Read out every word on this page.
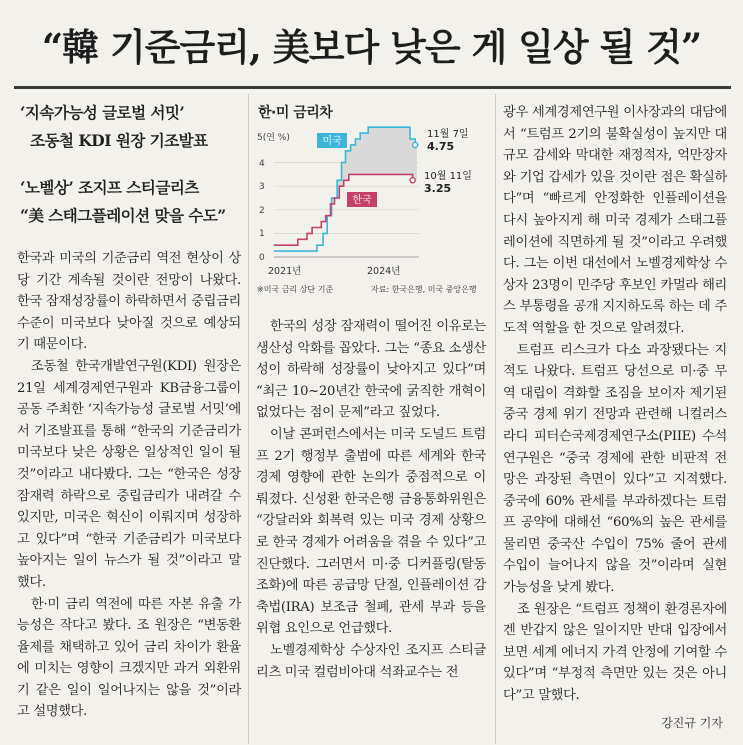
“韓 기준금리, 美보다 낮은 게 일상 될 것”
‘지속가능성 글로벌 서밋’
조동철 KDI 원장 기조발표
‘노벨상’ 조지프 스티글리츠
“美 스태그플레이션 맞을 수도”

한국과 미국의 기준금리 역전 현상이 상당 기간 계속될 것이란 전망이 나왔다. 한국 잠재성장률이 하락하면서 중립금리 수준이 미국보다 낮아질 것으로 예상되기 때문이다.

조동철 한국개발연구원(KDI) 원장은 21일 세계경제연구원과 KB금융그룹이 공동 주최한 ‘지속가능성 글로벌 서밋’에서 기조발표를 통해 “한국의 기준금리가 미국보다 낮은 상황은 일상적인 일이 될 것”이라고 내다봤다. 그는 “한국은 성장 잠재력 하락으로 중립금리가 내려갈 수 있지만, 미국은 혁신이 이뤄지며 성장하고 있다”며 “한국 기준금리가 미국보다 높아지는 일이 뉴스가 될 것”이라고 말했다.

한·미 금리 역전에 따른 자본 유출 가능성은 작다고 봤다. 조 원장은 “변동환율제를 채택하고 있어 금리 차이가 환율에 미치는 영향이 크겠지만 과거 외환위기 같은 일이 일어나지는 않을 것”이라고 설명했다.

한·미 금리차
5(연 %)
4
3
2
1
0
미국
한국
11월 7일
4.75
10월 11일
3.25
2021년	2024년
※미국 금리 상단 기준	자료: 한국은행, 미국 중앙은행

한국의 성장 잠재력이 떨어진 이유로는 생산성 악화를 꼽았다. 그는 “종요 소생산성이 하락해 성장률이 낮아지고 있다”며 “최근 10~20년간 한국에 굵직한 개혁이 없었다는 점이 문제”라고 짚었다.

이날 콘퍼런스에서는 미국 도널드 트럼프 2기 행정부 출범에 따른 세계와 한국 경제 영향에 관한 논의가 중점적으로 이뤄졌다. 신성환 한국은행 금융통화위원은 “강달러와 회복력 있는 미국 경제 상황으로 한국 경제가 어려움을 겪을 수 있다”고 진단했다. 그러면서 미·중 디커플링(탈동조화)에 따른 공급망 단절, 인플레이션 감축법(IRA) 보조금 철폐, 관세 부과 등을 위협 요인으로 언급했다.

노벨경제학상 수상자인 조지프 스티글리츠 미국 컬럼비아대 석좌교수는 전

광우 세계경제연구원 이사장과의 대담에서 “트럼프 2기의 불확실성이 높지만 대규모 감세와 막대한 재정적자, 억만장자와 기업 갑세가 있을 것이란 점은 확실하다”며 “빠르게 안정화한 인플레이션을 다시 높아지게 해 미국 경제가 스태그플레이션에 직면하게 될 것”이라고 우려했다. 그는 이번 대선에서 노벨경제학상 수상자 23명이 민주당 후보인 카멀라 해리스 부통령을 공개 지지하도록 하는 데 주도적 역할을 한 것으로 알려졌다.

트럼프 리스크가 다소 과장됐다는 지적도 나왔다. 트럼프 당선으로 미·중 무역 대립이 격화할 조짐을 보이자 제기된 중국 경제 위기 전망과 관련해 니컬러스 라디 피터슨국제경제연구소(PIIE) 수석연구원은 “중국 경제에 관한 비판적 전망은 과장된 측면이 있다”고 지적했다. 중국에 60% 관세를 부과하겠다는 트럼프 공약에 대해선 “60%의 높은 관세를 물리면 중국산 수입이 75% 줄어 관세 수입이 늘어나지 않을 것”이라며 실현 가능성을 낮게 봤다.

조 원장은 “트럼프 정책이 환경론자에겐 반갑지 않은 일이지만 반대 입장에서 보면 세계 에너지 가격 안정에 기여할 수 있다”며 “부정적 측면만 있는 것은 아니다”고 말했다.

강진규 기자
